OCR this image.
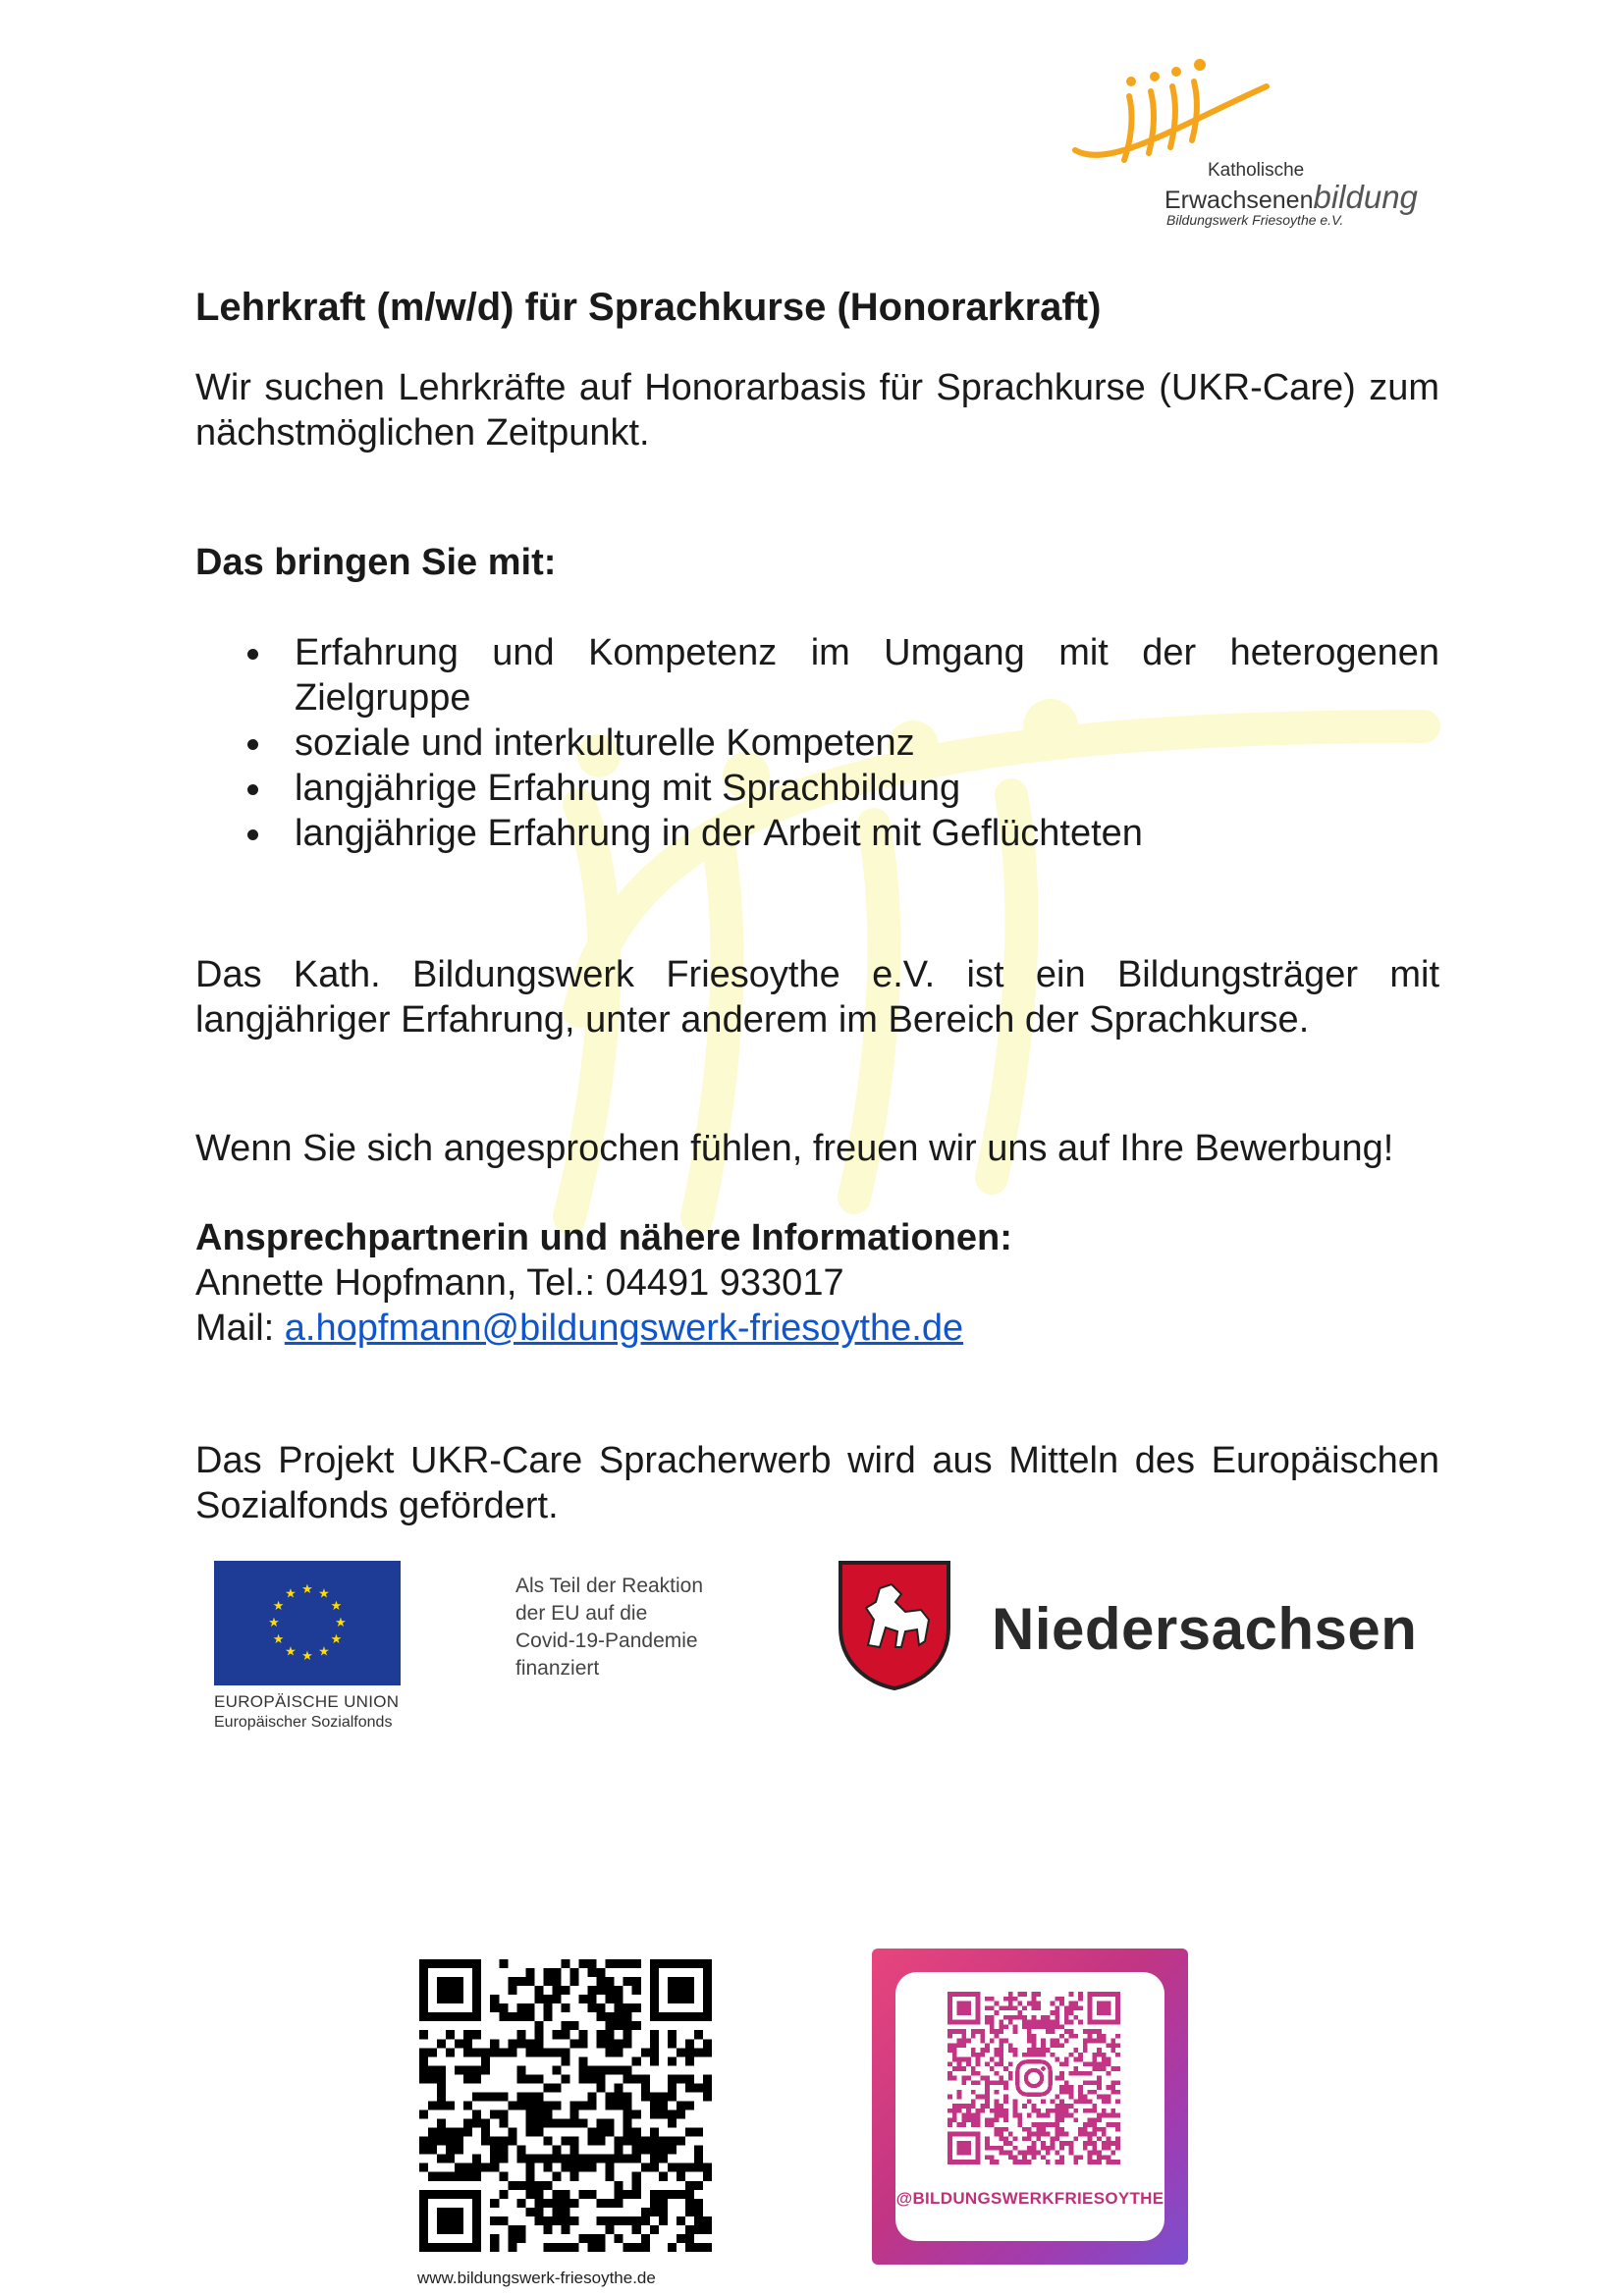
Katholische
Erwachsenenbildung
Bildungswerk Friesoythe e.V.
Lehrkraft (m/w/d) für Sprachkurse (Honorarkraft)
Wir suchen Lehrkräfte auf Honorarbasis für Sprachkurse (UKR-Care) zum nächstmöglichen Zeitpunkt.
Das bringen Sie mit:
Erfahrung und Kompetenz im Umgang mit der heterogenen Zielgruppe
soziale und interkulturelle Kompetenz
langjährige Erfahrung mit Sprachbildung
langjährige Erfahrung in der Arbeit mit Geflüchteten
Das Kath. Bildungswerk Friesoythe e.V. ist ein Bildungsträger mit langjähriger Erfahrung, unter anderem im Bereich der Sprachkurse.
Wenn Sie sich angesprochen fühlen, freuen wir uns auf Ihre Bewerbung!
Ansprechpartnerin und nähere Informationen:
Annette Hopfmann, Tel.: 04491 933017
Mail: a.hopfmann@bildungswerk-friesoythe.de
Das Projekt UKR-Care Spracherwerb wird aus Mitteln des Europäischen Sozialfonds gefördert.
★ ★
★
★
★
★
★
★
★
★
★
★
EUROPÄISCHE UNION
Europäischer Sozialfonds
Als Teil der Reaktion
der EU auf die
Covid-19-Pandemie
finanziert
Niedersachsen
www.bildungswerk-friesoythe.de
@BILDUNGSWERKFRIESOYTHE
